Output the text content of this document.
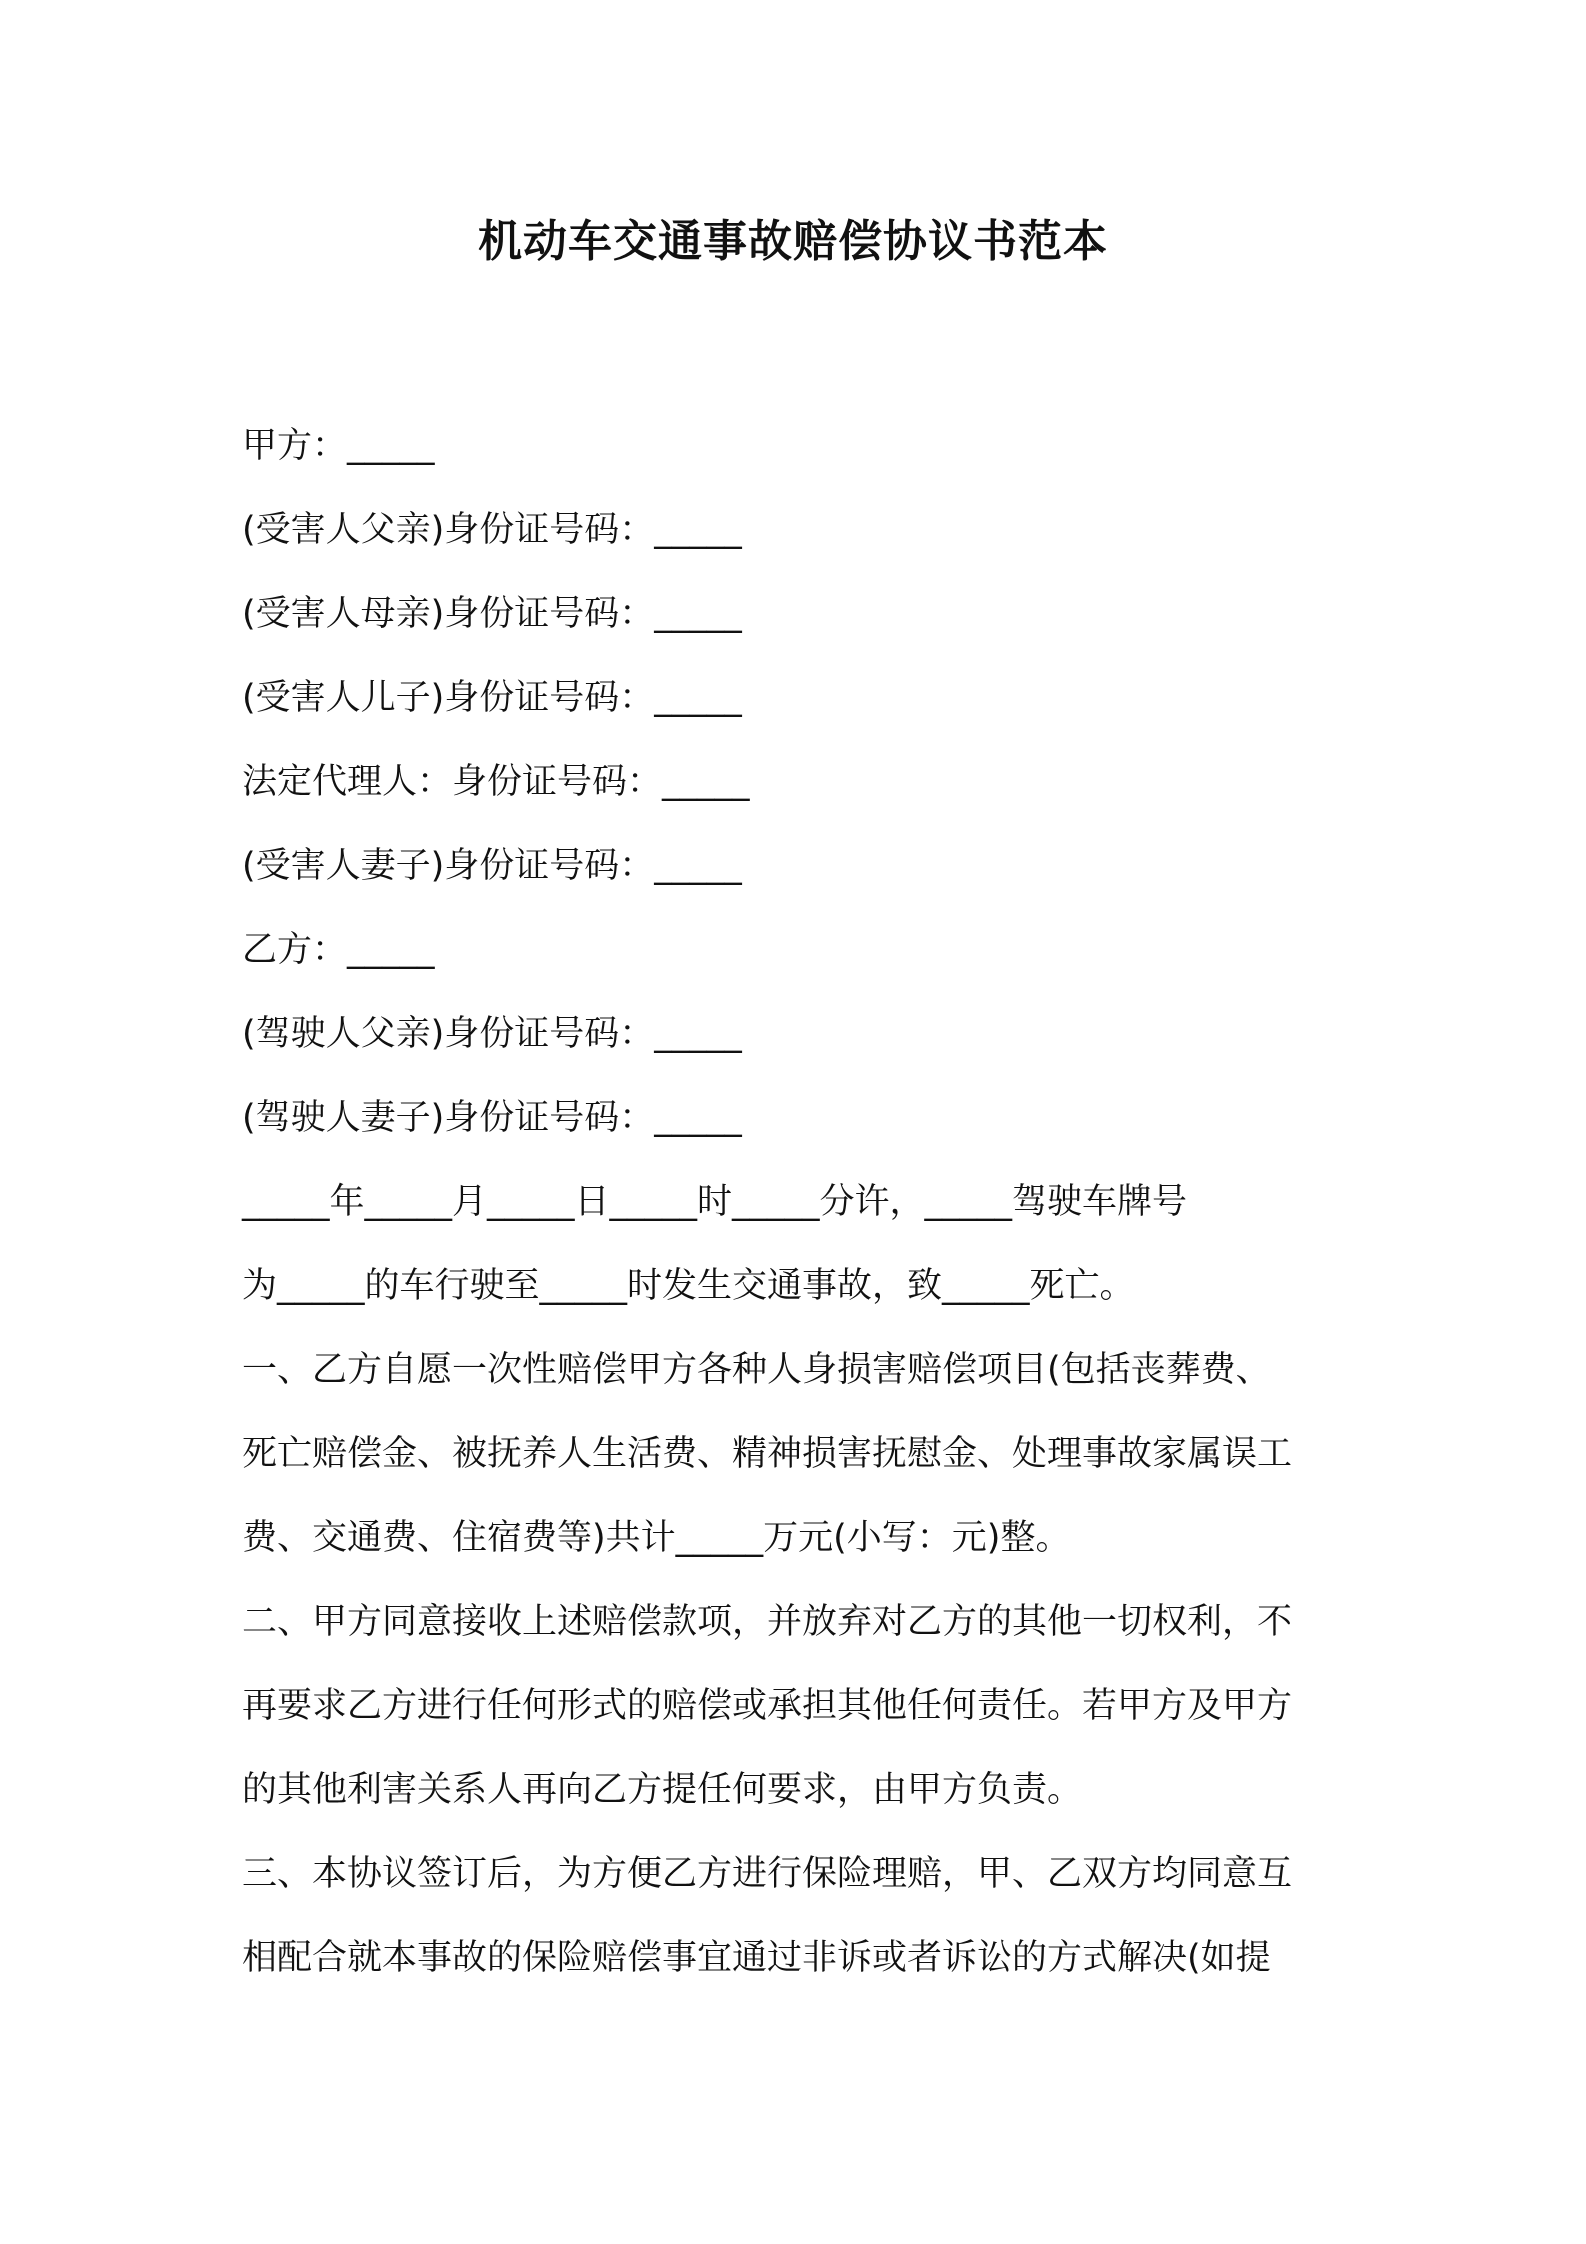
机动车交通事故赔偿协议书范本

甲方：_____

(受害人父亲)身份证号码：_____

(受害人母亲)身份证号码：_____

(受害人儿子)身份证号码：_____

法定代理人：身份证号码：_____

(受害人妻子)身份证号码：_____

乙方：_____

(驾驶人父亲)身份证号码：_____

(驾驶人妻子)身份证号码：_____

_____年_____月_____日_____时_____分许，_____驾驶车牌号

为_____的车行驶至_____时发生交通事故，致_____死亡。

一、乙方自愿一次性赔偿甲方各种人身损害赔偿项目(包括丧葬费、

死亡赔偿金、被抚养人生活费、精神损害抚慰金、处理事故家属误工

费、交通费、住宿费等)共计_____万元(小写：元)整。

二、甲方同意接收上述赔偿款项，并放弃对乙方的其他一切权利，不

再要求乙方进行任何形式的赔偿或承担其他任何责任。若甲方及甲方

的其他利害关系人再向乙方提任何要求，由甲方负责。

三、本协议签订后，为方便乙方进行保险理赔，甲、乙双方均同意互

相配合就本事故的保险赔偿事宜通过非诉或者诉讼的方式解决(如提
